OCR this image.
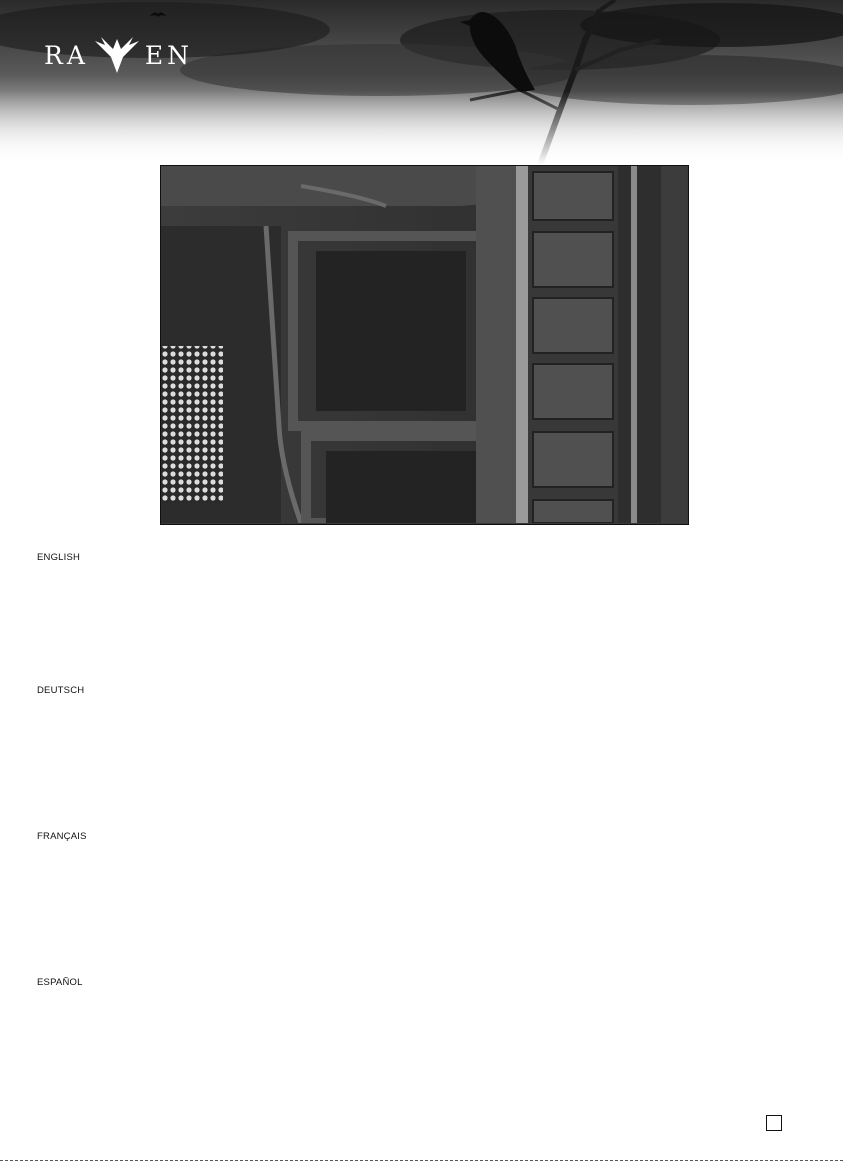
RA EN
ENGLISH
DEUTSCH
FRANÇAIS
ESPAÑOL
